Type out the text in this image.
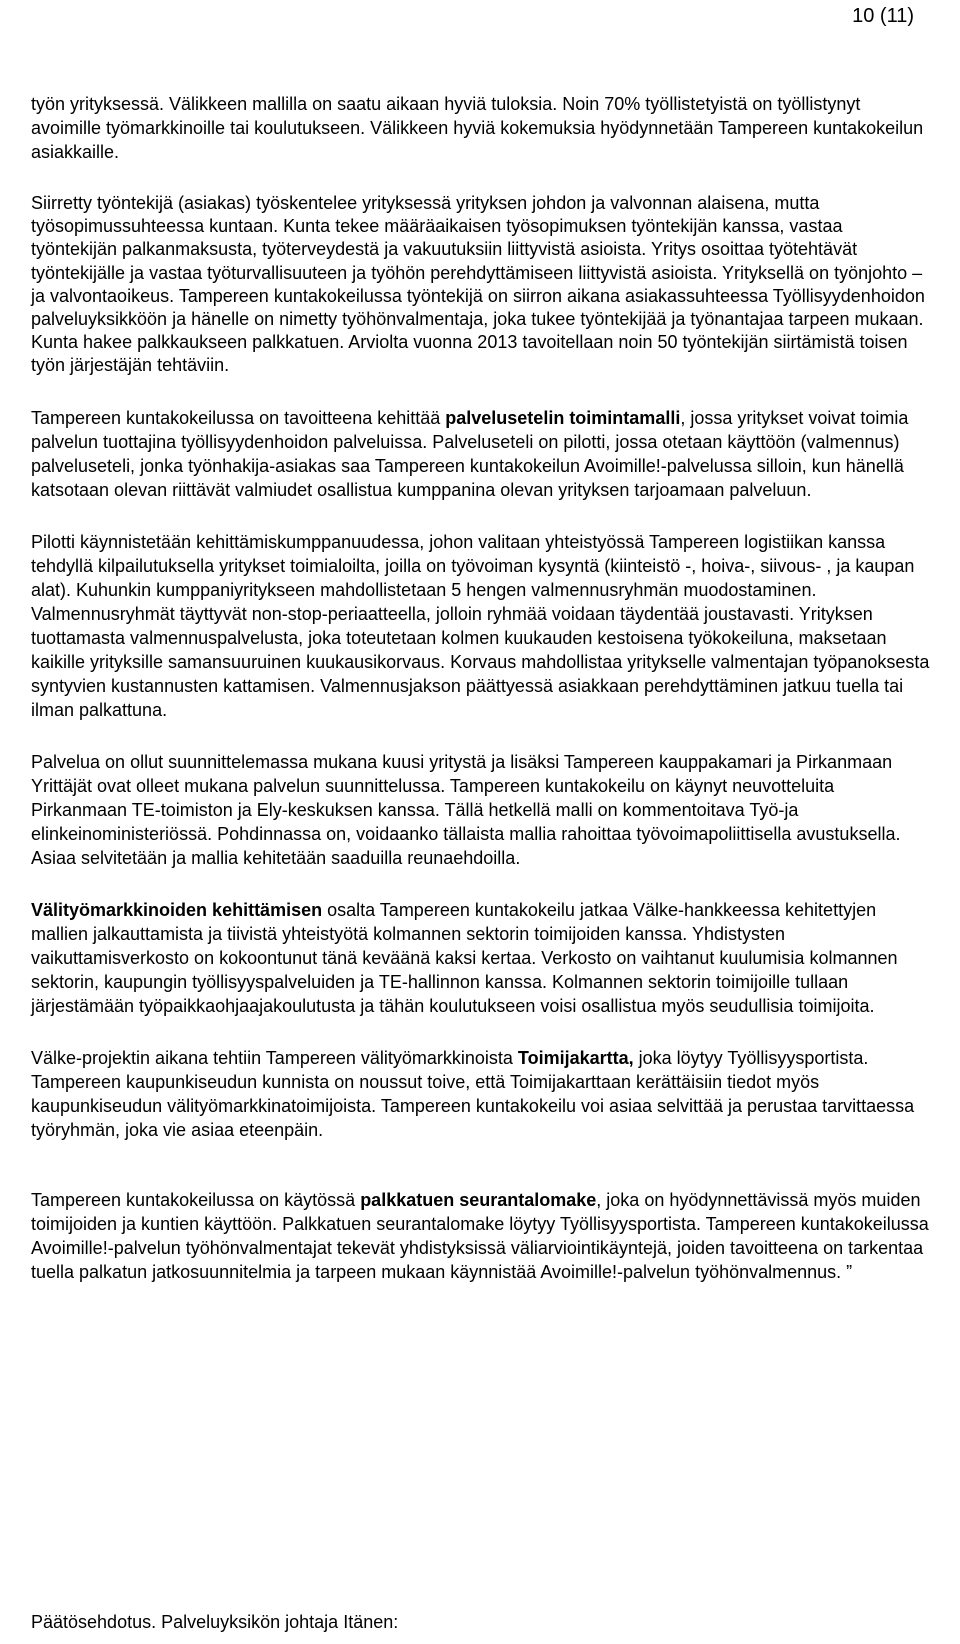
10 (11)

työn yrityksessä. Välikkeen mallilla on saatu aikaan hyviä tuloksia. Noin 70% työllistetyistä on työllistynyt avoimille työmarkkinoille tai koulutukseen. Välikkeen hyviä kokemuksia hyödynnetään Tampereen kuntakokeilun asiakkaille.

Siirretty työntekijä (asiakas) työskentelee yrityksessä yrityksen johdon ja valvonnan alaisena, mutta työsopimussuhteessa kuntaan. Kunta tekee määräaikaisen työsopimuksen työntekijän kanssa, vastaa työntekijän palkanmaksusta, työterveydestä ja vakuutuksiin liittyvistä asioista. Yritys osoittaa työtehtävät työntekijälle ja vastaa työturvallisuuteen ja työhön perehdyttämiseen liittyvistä asioista. Yrityksellä on työnjohto – ja valvontaoikeus. Tampereen kuntakokeilussa työntekijä on siirron aikana asiakassuhteessa Työllisyydenhoidon palveluyksikköön ja hänelle on nimetty työhönvalmentaja, joka tukee työntekijää ja työnantajaa tarpeen mukaan. Kunta hakee palkkaukseen palkkatuen. Arviolta vuonna 2013 tavoitellaan noin 50 työntekijän siirtämistä toisen työn järjestäjän tehtäviin.

Tampereen kuntakokeilussa on tavoitteena kehittää palvelusetelin toimintamalli, jossa yritykset voivat toimia palvelun tuottajina työllisyydenhoidon palveluissa. Palveluseteli on pilotti, jossa otetaan käyttöön (valmennus) palveluseteli, jonka työnhakija-asiakas saa Tampereen kuntakokeilun Avoimille!-palvelussa silloin, kun hänellä katsotaan olevan riittävät valmiudet osallistua kumppanina olevan yrityksen tarjoamaan palveluun.

Pilotti käynnistetään kehittämiskumppanuudessa, johon valitaan yhteistyössä Tampereen logistiikan kanssa tehdyllä kilpailutuksella yritykset toimialoilta, joilla on työvoiman kysyntä (kiinteistö -, hoiva-, siivous- , ja kaupan alat). Kuhunkin kumppaniyritykseen mahdollistetaan 5 hengen valmennusryhmän muodostaminen. Valmennusryhmät täyttyvät non-stop-periaatteella, jolloin ryhmää voidaan täydentää joustavasti. Yrityksen tuottamasta valmennuspalvelusta, joka toteutetaan kolmen kuukauden kestoisena työkokeiluna, maksetaan kaikille yrityksille samansuuruinen kuukausikorvaus. Korvaus mahdollistaa yritykselle valmentajan työpanoksesta syntyvien kustannusten kattamisen. Valmennusjakson päättyessä asiakkaan perehdyttäminen jatkuu tuella tai ilman palkattuna.

Palvelua on ollut suunnittelemassa mukana kuusi yritystä ja lisäksi Tampereen kauppakamari ja Pirkanmaan Yrittäjät ovat olleet mukana palvelun suunnittelussa. Tampereen kuntakokeilu on käynyt neuvotteluita Pirkanmaan TE-toimiston ja Ely-keskuksen kanssa. Tällä hetkellä malli on kommentoitava Työ-ja elinkeinoministeriössä. Pohdinnassa on, voidaanko tällaista mallia rahoittaa työvoimapoliittisella avustuksella. Asiaa selvitetään ja mallia kehitetään saaduilla reunaehdoilla.

Välityömarkkinoiden kehittämisen osalta Tampereen kuntakokeilu jatkaa Välke-hankkeessa kehitettyjen mallien jalkauttamista ja tiivistä yhteistyötä kolmannen sektorin toimijoiden kanssa. Yhdistysten vaikuttamisverkosto on kokoontunut tänä keväänä kaksi kertaa. Verkosto on vaihtanut kuulumisia kolmannen sektorin, kaupungin työllisyyspalveluiden ja TE-hallinnon kanssa. Kolmannen sektorin toimijoille tullaan järjestämään työpaikkaohjaajakoulutusta ja tähän koulutukseen voisi osallistua myös seudullisia toimijoita.

Välke-projektin aikana tehtiin Tampereen välityömarkkinoista Toimijakartta, joka löytyy Työllisyysportista. Tampereen kaupunkiseudun kunnista on noussut toive, että Toimijakarttaan kerättäisiin tiedot myös kaupunkiseudun välityömarkkinatoimijoista. Tampereen kuntakokeilu voi asiaa selvittää ja perustaa tarvittaessa työryhmän, joka vie asiaa eteenpäin.

Tampereen kuntakokeilussa on käytössä palkkatuen seurantalomake, joka on hyödynnettävissä myös muiden toimijoiden ja kuntien käyttöön. Palkkatuen seurantalomake löytyy Työllisyysportista. Tampereen kuntakokeilussa Avoimille!-palvelun työhönvalmentajat tekevät yhdistyksissä väliarviointikäyntejä, joiden tavoitteena on tarkentaa tuella palkatun jatkosuunnitelmia ja tarpeen mukaan käynnistää Avoimille!-palvelun työhönvalmennus. ”

Päätösehdotus. Palveluyksikön johtaja Itänen:
